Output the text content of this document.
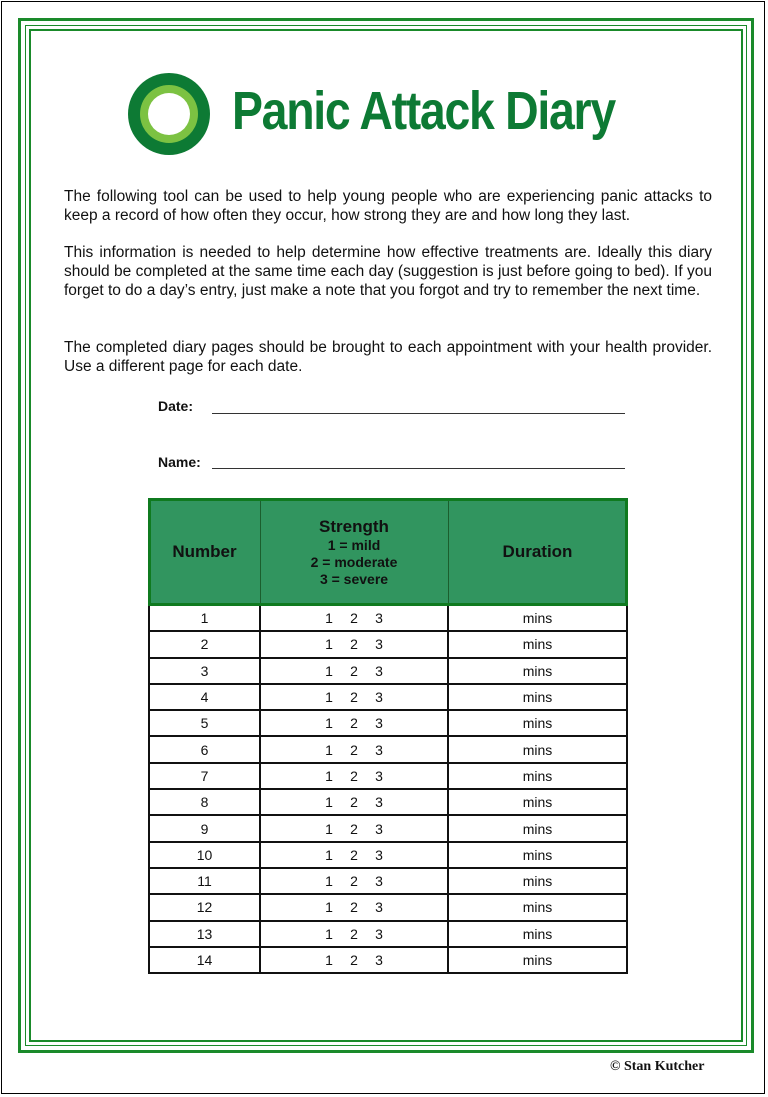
Panic Attack Diary

The following tool can be used to help young people who are experiencing panic attacks to keep a record of how often they occur, how strong they are and how long they last.

This information is needed to help determine how effective treatments are. Ideally this diary should be completed at the same time each day (suggestion is just before going to bed). If you forget to do a day’s entry, just make a note that you forgot and try to remember the next time.

The completed diary pages should be brought to each appointment with your health provider. Use a different page for each date.

Date:
Name:
Number	Strength
1 = mild
2 = moderate
3 = severe	Duration
1	1 2 3	mins
2	1 2 3	mins
3	1 2 3	mins
4	1 2 3	mins
5	1 2 3	mins
6	1 2 3	mins
7	1 2 3	mins
8	1 2 3	mins
9	1 2 3	mins
10	1 2 3	mins
11	1 2 3	mins
12	1 2 3	mins
13	1 2 3	mins
14	1 2 3	mins
© Stan Kutcher
